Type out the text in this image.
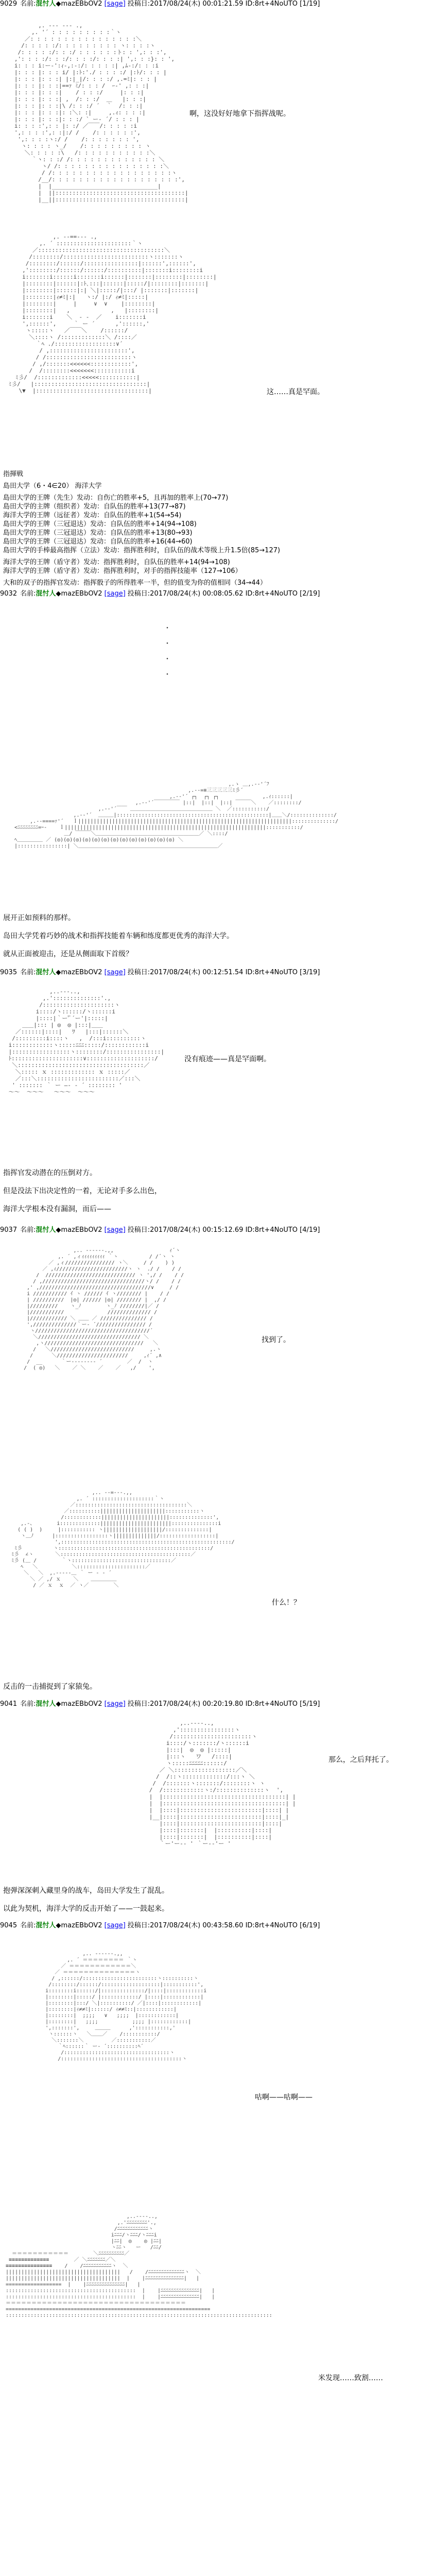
9029 名前:混忖人◆mazEBbOV2 [sage] 投稿日:2017/08/24(木) 00:01:21.59 ID:8rt+4NoUTO [1/19]

,. -‐‐ ‐-- .,
,. '´ : : : : : : : : :｀ヽ
／: : : : : : : : : : : : : : : :＼
/: : : : :/: : : : : : : : : ヽ: : : :ヽ
/: : : : :/: : :/ : : : : : :ト: : ',: : :',
,': : : :/: : :/: : : :/: : : :| ',: : :}: : ',
i: : : i:ー‐':ｨ-,:-:/: : : : :| ,ﾑ-:/: : :i
|: : : |: : : i/ |:ﾄ:'./ : : : :/ |:ﾄ/: : : |
|: : : |: : :| |:|_|/: : : :/ ,.=ﾐ|: : : |
|: : : |: : :|==ｧ ﾐ/: : : /  ｰ‐' ,: : :|
|: : : |: : :|    / : : :/     |: : :|
|: : : |: : :| ,  /: : :/  ＿   |: : :|
|: : : |: : :|\ /: : :/ ´  ｀  /: : :|
|: : : |: : :|: :＼: :|     ,.ｨ: : : :|
|: : : |: : :|: : :/ ` ー‐ ´/ : : : |
i: : : :',: : |: :/ ／￣￣/: : : : :i
',: : : :',: :|:/ /    /: : : : : :',
',: : : :ヽ:/ /    /: : : : : : : ',
ヽ: : : : ヽ_/    /: : : : : : : : : ヽ
＼: : : : :\   /: : : : : : : : : : :＼
｀ヽ: : :/ /: : : : : : : : : : : : : ＼
ヽ/ /: : : : : : : : : : : : : : : :＼
/ /: : : : : : : : : : : : : : : : : :ヽ
/__/: : : : : : : : : : : : : : : : : : :',
|  |_______________________________|
|  ||::::::::::::::::::::::::::::::::::::::|
|__||::::::::::::::::::::::::::::::::::::::|

啊，这没好好地拿下指挥战呢。

,. -‐==‐-- .,
,. ´ ::::::::::::::::::::::｀ヽ
／:::::::::::::::::::::::::::::::::::::＼
/::::::::/:::::::::::::::::::::::::ヽ:::::::ヽ
/::::::::/::::::/::::::::::::::::|::::::',::::::',
,'::::::::/::::::/::::::/::::::::::|:::::::i::::::::i
i:::::::i::::::i:::::::i::::::|:::::::|::::::::|::::::::|
|::::::::|::::::|:ﾄ､:::|::::::|:::::/|::::::::|:::::::|
|::::::::|::::::|:| ＼|:::::/|:::/ |:::::::|:::::::|
|::::::::|ｨ≠ﾐ|:|   ヽ:/ |:/ ｨ≠ﾐ|:::::|
|::::::::|     |     ∨  ∨    |::::::::|
|::::::::|   ,            ,   |::::::::|
i:::::::i    ＼  ‐ ‐  ／    i:::::::i
',::::::',     ｀ ー ´      ,'::::::,'
ヽ:::::ヽ   ／￣￣＼    /::::::/
＼::::ヽ /:::::::::::::＼ /::::／
｀ﾍ ./::::::::::::::::::∨´
/ ,:::::::::::::::::::::::',
/ /:::::::::::::::::::::::::ヽ
/ ,/:::::::<<<<<<::::::::::::',
/  /::::::::<<<<<<<:::::::::::i
ﾐ彡/  /:::::::::::::<<<<<:::::::::::|
ﾐ彡/   |:::::::::::::::::::::::::::::::::|
\▼  |:::::::::::::::::::::::::::::::::|	这……真是罕面。
指揮戦
島田大学（6・4∈20） 海洋大学
島田大学的王牌（先生）发动：自伤亡的胜率+5，且再加的胜率上(70→77)
島田大学的主牌（组织者）发动：自队伍的胜率+13(77→87)
海洋大学的王牌（远征者）发动：自队伍的胜率+1(54→54)
島田大学的王牌（三冠退达）发动：自队伍的胜率+14(94→108)
島田大学的王牌（三冠退达）发动：自队伍的胜率+13(80→93)
島田大学的王牌（三冠退达）发动：自队伍的胜率+16(44→60)
島田大学的手棒最高指挥（立法）发动：指挥胜利时，自队伍的战术等级上升1.5倍(85→127)
海洋大学的王牌（盾守者）发动：指挥胜利时，自队伍的胜率+14(94→108)
海洋大学的王牌（盾守者）发动：指挥胜利时，对手的指挥技能率（127→106）
大和的双子的指挥官发动：指挥骰子的所得胜率一半，但的值变为你的值相同（34→44）
9032 名前:混忖人◆mazEBbOV2 [sage] 投稿日:2017/08/24(木) 00:08:05.62 ID:8rt+4NoUTO [2/19]
・
・
・
・

,.ゝ ＿,.-‐'´ﾌ
,.-‐=≡三三三三三ﾐ彡´
,.-‐'´ ┌┐  ┌┐ ┌┐              ,.ｨ::::::|
,.-‐'´￣￣￣￣￣ |::|  |::|  |::| ￣￣￣＼    ／::::::::/
,.-‐'´￣￣ ＿＿＿＿＿＿＿＿＿＿＿＿＿＿＿＿ ＼  ／:::::::::::/
,.-‐'´  ＿＿＿|:::::::::::::::::::::::::::::::::::::::::::::::::|＿＿＼/::::::::::::::/
,.-‐====ｧ'´   ｌ|||||||||||||||||||||||||||||||||||||||||||||||||||||||||||||||||||||::::::::::::::/
<ﾆﾆﾆﾆﾆﾆﾆﾆ=ｰ-    ｌ|||||||||||||||||||||||||||||||||||||||||||||||||||||||||||||||||:::::::::::/
＿/ ￣￣￣＼＿＿＿＿＿＿＿＿＿＿＿＿＿＿＿＿＿＿＿＿／ ＼::::/
ﾍ＿＿＿＿＿ ／ (◎)(◎)(◎)(◎)(◎)(◎)(◎)(◎)(◎)(◎)(◎)(◎)(◎) ＼
|::::::::::::::::| ＼＿＿＿＿＿＿＿＿＿＿＿＿＿＿＿＿＿＿＿＿＿＿＿＿＿＿＿／

展开正如预料的那样。
岛田大学凭着巧妙的战术和指挥技能着车辆和练度都更优秀的海洋大学。
就从正面被迎击，还是从侧面取下首级？
9035 名前:混忖人◆mazEBbOV2 [sage] 投稿日:2017/08/24(木) 00:12:51.54 ID:8rt+4NoUTO [3/19]

,..-‐-..,
,.'::::::::::::::'.,
/:::::::::::::::::::::ヽ
i::::/ヽ::::::/ヽ::::::i
|::::|｀ー'ﾞ´ー'|:::::|
＿＿|::: | ◎  ◎ |:::|＿＿
／::::::|::::|   ﾜ   |:::|::::::＼
/:::::::::i::::ヽ   ,  /:::i::::::::::ヽ
i::::::::::::ヽ:::::ﾆﾆﾆ:::::/::::::::::::i
|:::::::::::::::::ヽ::::::::/::::::::::::::::|
ﾄ:::::::::::::::::::::∨::::::::::::::::::::/
＼:::::::::::::::::::::::::::::::::::::／
＼::::: ｘ ::::::::::::: ｘ :::::／
／:::＼::::::::::::::::::::::::／:::＼
' ::::::: ｀ ー ―‐ ‐ ´ :::::::: '
～～  ～～～   ～～～  ～～～

没有痕迹——真是罕面啊。
指挥官发动潜在的压倒对方。
但是没法下出决定性的一着，无论对手多么出色，
海洋大学根本没有漏洞，而后——
9037 名前:混忖人◆mazEBbOV2 [sage] 投稿日:2017/08/24(木) 00:15:12.69 ID:8rt+4NoUTO [4/19]

,.. -‐‐‐--.,,                  ｨ´ヽ
,. ´ ,ィｨｨｨｨｨｨｨｨｨ ｀ヽ          / /´ヽ ヽ
／ ,ィ//////////////// ヽ＼     / /    ) )
／ ,ｨ///////////////////////ヽ ヽ  ./ /    / /
/  ///////////////////////////// ヽ ',/ /    / /
/ ,/////////////////////////////////ヽ/ /    / /
,' ,////////////////////////////////////∨     / /
i /////////// ｲ ヽ ////// ｲ ヽ//////// |    / /
| //////////  |◎| ////// |◎| //////// |  ,/ /
|/////////    ヽ_ﾉ        ヽ_ﾉ ////////|／ /
|///////////              ////////////// /
|//////////// ＼ ＿＿ ／ /////////////// /
',//////////////｀ー‐ ´//////////////// /
ヽ/////////////////////////////////////´
＼///////////////////////////////// ＼
,ヽ////////////////////////////////   ＼
/   ＼///////////////////////////     ,.ヽ
/      ＼///////////////////////     ,ｨ´ ,∧
/  __      ｀ー‐‐‐‐‐‐‐‐ ´        ／  /  ヽ
/  ( ◎)   ＼    ／ ＼    ／    ／   ,/    ',

找到了。

,.. -‐=‐--.,,
,. ´ ::::::::::::::::::::｀ヽ
／::::::::::::::::::::::::::::::::::::＼
／::::::::::|||||||||||||||||||||:::::::::::ヽ
/::::::::::::||||||||||||||||||||||::::::::::::::',
,.-、       i:::::::::::::|||||||||||||||||||||||:::::::::::::::i
( ( )  )     |::::::::::: ヽ|||||||||||||||||||/::::::::::::::|
ヽ＿ﾉ      |:::::::::::::::::ヽ||||||||||||||/::::::::::::::::::|
',:::::::::::::::::::::::::::::::::::::::::::::::::::::::/
ﾐ彡          ヽ:::::::::::::::::::::::::::::::::::::::::::::::::/
ﾐ彡  ∠ヽ       ＼::::::::::::::::::::::::::::::::::::::::::／
ﾐ彡 (＿ /        ｀ヽ::::::::::::::::::::::::::::::::／
ﾍ   ＼           ＼::::::::::::::::::::::／
＼   ＼  ,.-‐‐‐-＿ ｀ ー ‐ ‐ ´
＼ ／ ,/ ｘ    ＼    ＿＿＿＿＿
/ ／ ｘ  ｘ  ／ ヽ／        ＼

什么！？
反击的一击捕捉到了家猿兔。
9041 名前:混忖人◆mazEBbOV2 [sage] 投稿日:2017/08/24(木) 00:20:19.80 ID:8rt+4NoUTO [5/19]

,..-‐‐-..,
,'::::::::::::::::ヽ
/:::::::::::::::::::::::ヽ
i::::/ヽ:::::::/ヽ::::::i
|:::|  ◎  ◎ |:::::|
|:::ヽ   ワ   /::::|
ヽ:::::ﾆﾆﾆﾆﾆ::::::/
／ ＼::::::::::::::::::／＼
/  /::ヽ:::::::::::::/:::ヽ ＼
/  /:::::::ヽ:::::::/::::::::ヽ ヽ
/  /::::::::::::ヽ:/::::::::::::::ヽ  ',
|  |::::::::::::::::::::::::::::::::::::| |
|  |::::::::::::::::::::::::::::::::::::| |
|  |::::|::::::::::::::::::::::::|::::| |
|__|::::|::::::::::::::::::::::::|::::|_|
|::::|::::::::::::::::::::::::|::::|
|::::|:::::::|  |::::::::::|::::|
|::::|:::::::|  |::::::::::|::::|
｀ー'ー‐‐ ' ｀ー‐‐'ー '

那么，之后拜托了。
抱弹深深刺入藏里身的战车，岛田大学发生了混乱。
以此为契机，海洋大学的反击开始了——一鼓起来。
9045 名前:混忖人◆mazEBbOV2 [sage] 投稿日:2017/08/24(木) 00:43:58.60 ID:8rt+4NoUTO [6/19]

,.. -‐‐‐--.,,
,. ´ ＝＝＝＝＝＝＝＝ ｀ヽ
／ ＝＝＝＝＝＝＝＝＝＝＝＝＼
／ ＝＝＝＝＝＝＝＝＝＝＝＝＝＝ヽ
/ ,::::::/::::::::::::::::::::::::ヽ::::::::::ヽ
/::::::::/::::::/:::::::::::::::::::|:::::::::::',
i::::::::i::::::/|::::::::::::::/|::::|::::::::::::i
|::::::::|:::::/ |::::::::::::/ |::::|::::::::::::|
|::::::::|:::/ ＼|::::::::::/ ／|::::|::::::::::::|
|::::::::|ｨ≠≠ﾐ|::::::/ ｨ≠≠ﾐ::|::::::::::::|
|::::::::|  ;;;;   ∨   ;;;;  |::::::::::::|
|::::::::|   ;;;;           ;;;; |::::::::::::|
',:::::::',     ＿＿＿      ,':::::::::::,'
ヽ::::::ヽ   ＼＿＿／    /:::::::::::/
＼:::::::＼         ／:::::::::::／
｀ﾍ::::::｀ ー‐ ´::::::::::ﾍ´
/::::::::::::::::::::::::::::::::::ヽ
/:::::::::::::::::::::::::::::::::::::::ヽ

咕啊——咕啊——

,..-‐‐-..,
,.'ﾆﾆﾆﾆﾆﾆﾆﾆ'.,
/ﾆﾆﾆﾆﾆﾆﾆﾆﾆﾆﾆﾆヽ
iﾆﾆﾆ/ヽﾆﾆﾆ/ヽﾆﾆﾆi
|ﾆﾆ|  ◎    ◎ |ﾆﾆ|
ヽﾆﾆヽ   ー   /ﾆﾆ/
＝＝＝＝＝＝＝＝＝＝＝        ＼ﾆﾆﾆﾆﾆﾆﾆﾆﾆﾆ／
≡≡≡≡≡≡≡≡≡≡≡≡≡        ／ ＼ﾆﾆﾆﾆﾆﾆﾆ／＼
≡≡≡≡≡≡≡≡≡≡≡≡≡≡≡    /    /ﾆﾆﾆﾆﾆﾆﾆﾆﾆﾆﾆヽ  ＼
|||||||||||||||||||||||||||||||||||||   /    /ﾆﾆﾆﾆﾆﾆﾆﾆﾆﾆﾆﾆﾆﾆヽ  ＼
|||||||||||||||||||||||||||||||||||||  |    |ﾆﾆﾆﾆﾆﾆﾆﾆﾆﾆﾆﾆﾆﾆﾆ|   |
==================  |    |ﾆﾆﾆﾆﾆﾆﾆﾆﾆﾆﾆﾆﾆﾆﾆ|   |
::::::::::::::::::::::::::::::::::::::::::  |    |ﾆﾆﾆﾆﾆﾆﾆﾆﾆﾆﾆﾆﾆﾆﾆ|   |
::::::::::::::::::::::::::::::::::::::::::  |    |ﾆﾆﾆﾆﾆﾆﾆﾆﾆﾆﾆﾆﾆﾆﾆ|   |
＝＝＝＝＝＝＝＝＝＝＝＝＝＝＝＝＝＝＝＝＝＝＝＝＝＝＝＝＝＝＝＝＝＝＝
==================================================================
::::::::::::::::::::::::::::::::::::::::::::::::::::::::::::::::::::::::::::::::::::::

米发现……致割……
